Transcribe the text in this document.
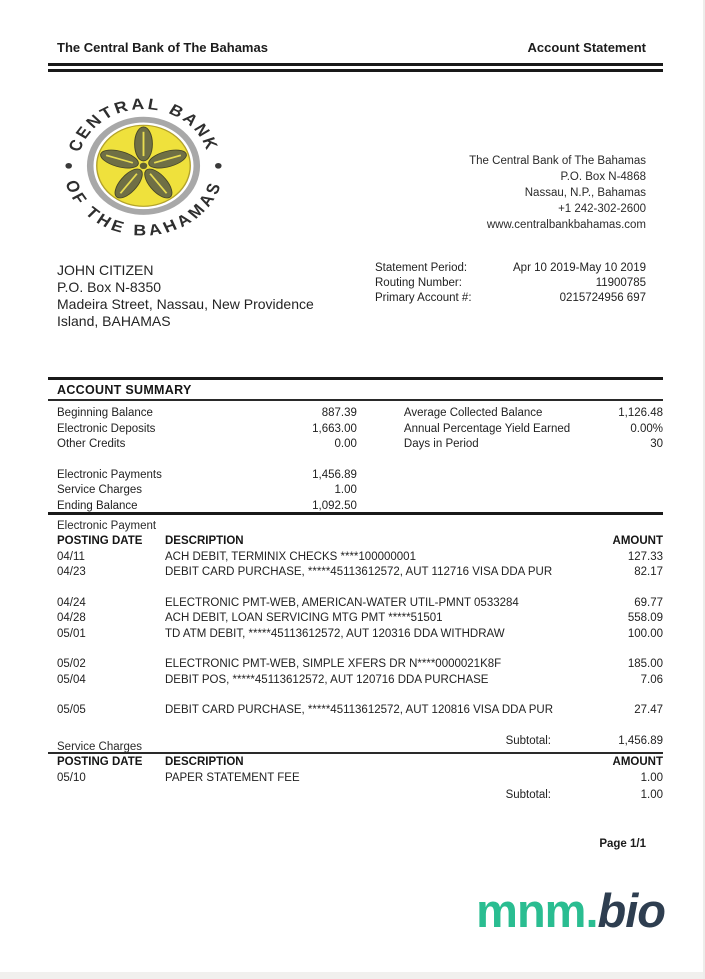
The Central Bank of The Bahamas	Account Statement
CENTRAL BANK
OF THE BAHAMAS
The Central Bank of The Bahamas
P.O. Box N-4868
Nassau, N.P., Bahamas
+1 242-302-2600
www.centralbankbahamas.com
JOHN CITIZEN
P.O. Box N-8350
Madeira Street, Nassau, New Providence
Island, BAHAMAS
Statement Period:	Apr 10 2019-May 10 2019
Routing Number:	11900785
Primary Account #:	0215724956 697
ACCOUNT SUMMARY
Beginning Balance	887.39
Electronic Deposits	1,663.00
Other Credits	0.00
Electronic Payments	1,456.89
Service Charges	1.00
Ending Balance	1,092.50
Average Collected Balance	1,126.48
Annual Percentage Yield Earned	0.00%
Days in Period	30
Electronic Payment
POSTING DATE	DESCRIPTION	AMOUNT
04/11	ACH DEBIT, TERMINIX CHECKS ****100000001	127.33
04/23	DEBIT CARD PURCHASE, *****45113612572, AUT 112716 VISA DDA PUR	82.17
04/24	ELECTRONIC PMT-WEB, AMERICAN-WATER UTIL-PMNT 0533284	69.77
04/28	ACH DEBIT, LOAN SERVICING MTG PMT *****51501	558.09
05/01	TD ATM DEBIT, *****45113612572, AUT 120316 DDA WITHDRAW	100.00
05/02	ELECTRONIC PMT-WEB, SIMPLE XFERS DR N****0000021K8F	185.00
05/04	DEBIT POS, *****45113612572, AUT 120716 DDA PURCHASE	7.06
05/05	DEBIT CARD PURCHASE, *****45113612572, AUT 120816 VISA DDA PUR	27.47
Subtotal:	1,456.89
Service Charges
POSTING DATE	DESCRIPTION	AMOUNT
05/10	PAPER STATEMENT FEE	1.00
Subtotal:	1.00
Page 1/1
mnm.bio
